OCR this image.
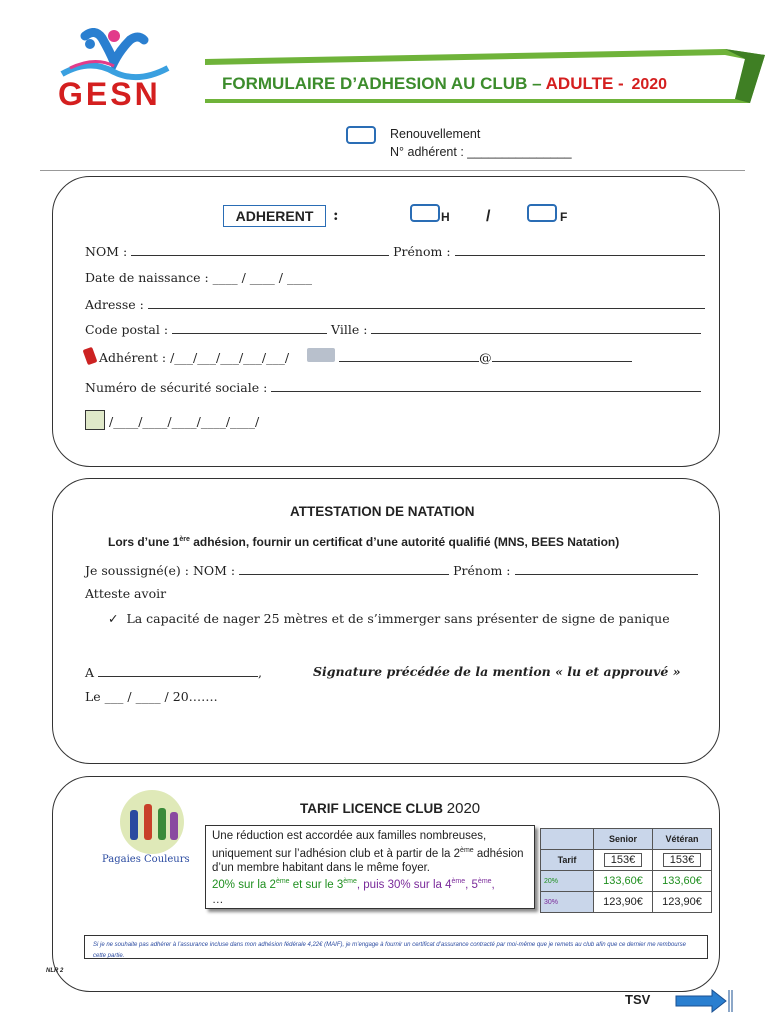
GESN	FORMULAIRE D’ADHESION AU CLUB – ADULTE - 2020
Renouvellement
N° adhérent : _______________
ADHERENT	:	H /	F
NOM :	Prénom :
Date de naissance : ____ / ____ / ____
Adresse :
Code postal :	Ville :
Adhérent : /___/___/___/___/___/	@
Numéro de sécurité sociale :
/____/____/____/____/____/
ATTESTATION DE NATATION
Lors d’une 1ère adhésion, fournir un certificat d’une autorité qualifié (MNS, BEES Natation)
Je soussigné(e) : NOM :	Prénom :
Atteste avoir
✓ La capacité de nager 25 mètres et de s’immerger sans présenter de signe de panique
A	,	Signature précédée de la mention « lu et approuvé »
Le ___ / ____ / 20…….
Pagaies Couleurs
TARIF LICENCE CLUB 2020
Une réduction est accordée aux familles nombreuses, uniquement sur l’adhésion club et à partir de la 2ème adhésion d’un membre habitant dans le même foyer.
20% sur la 2ème et sur le 3ème, puis 30% sur la 4ème, 5ème,
…
	Senior	Vétéran
Tarif	153€	153€
20%	133,60€	133,60€
30%	123,90€	123,90€
Si je ne souhaite pas adhérer à l’assurance incluse dans mon adhésion fédérale 4,22€ (MAIF), je m’engage à fournir un certificat d’assurance contracté par moi-même que je remets au club afin que ce dernier me rembourse cette partie.
NLR 2
TSV
